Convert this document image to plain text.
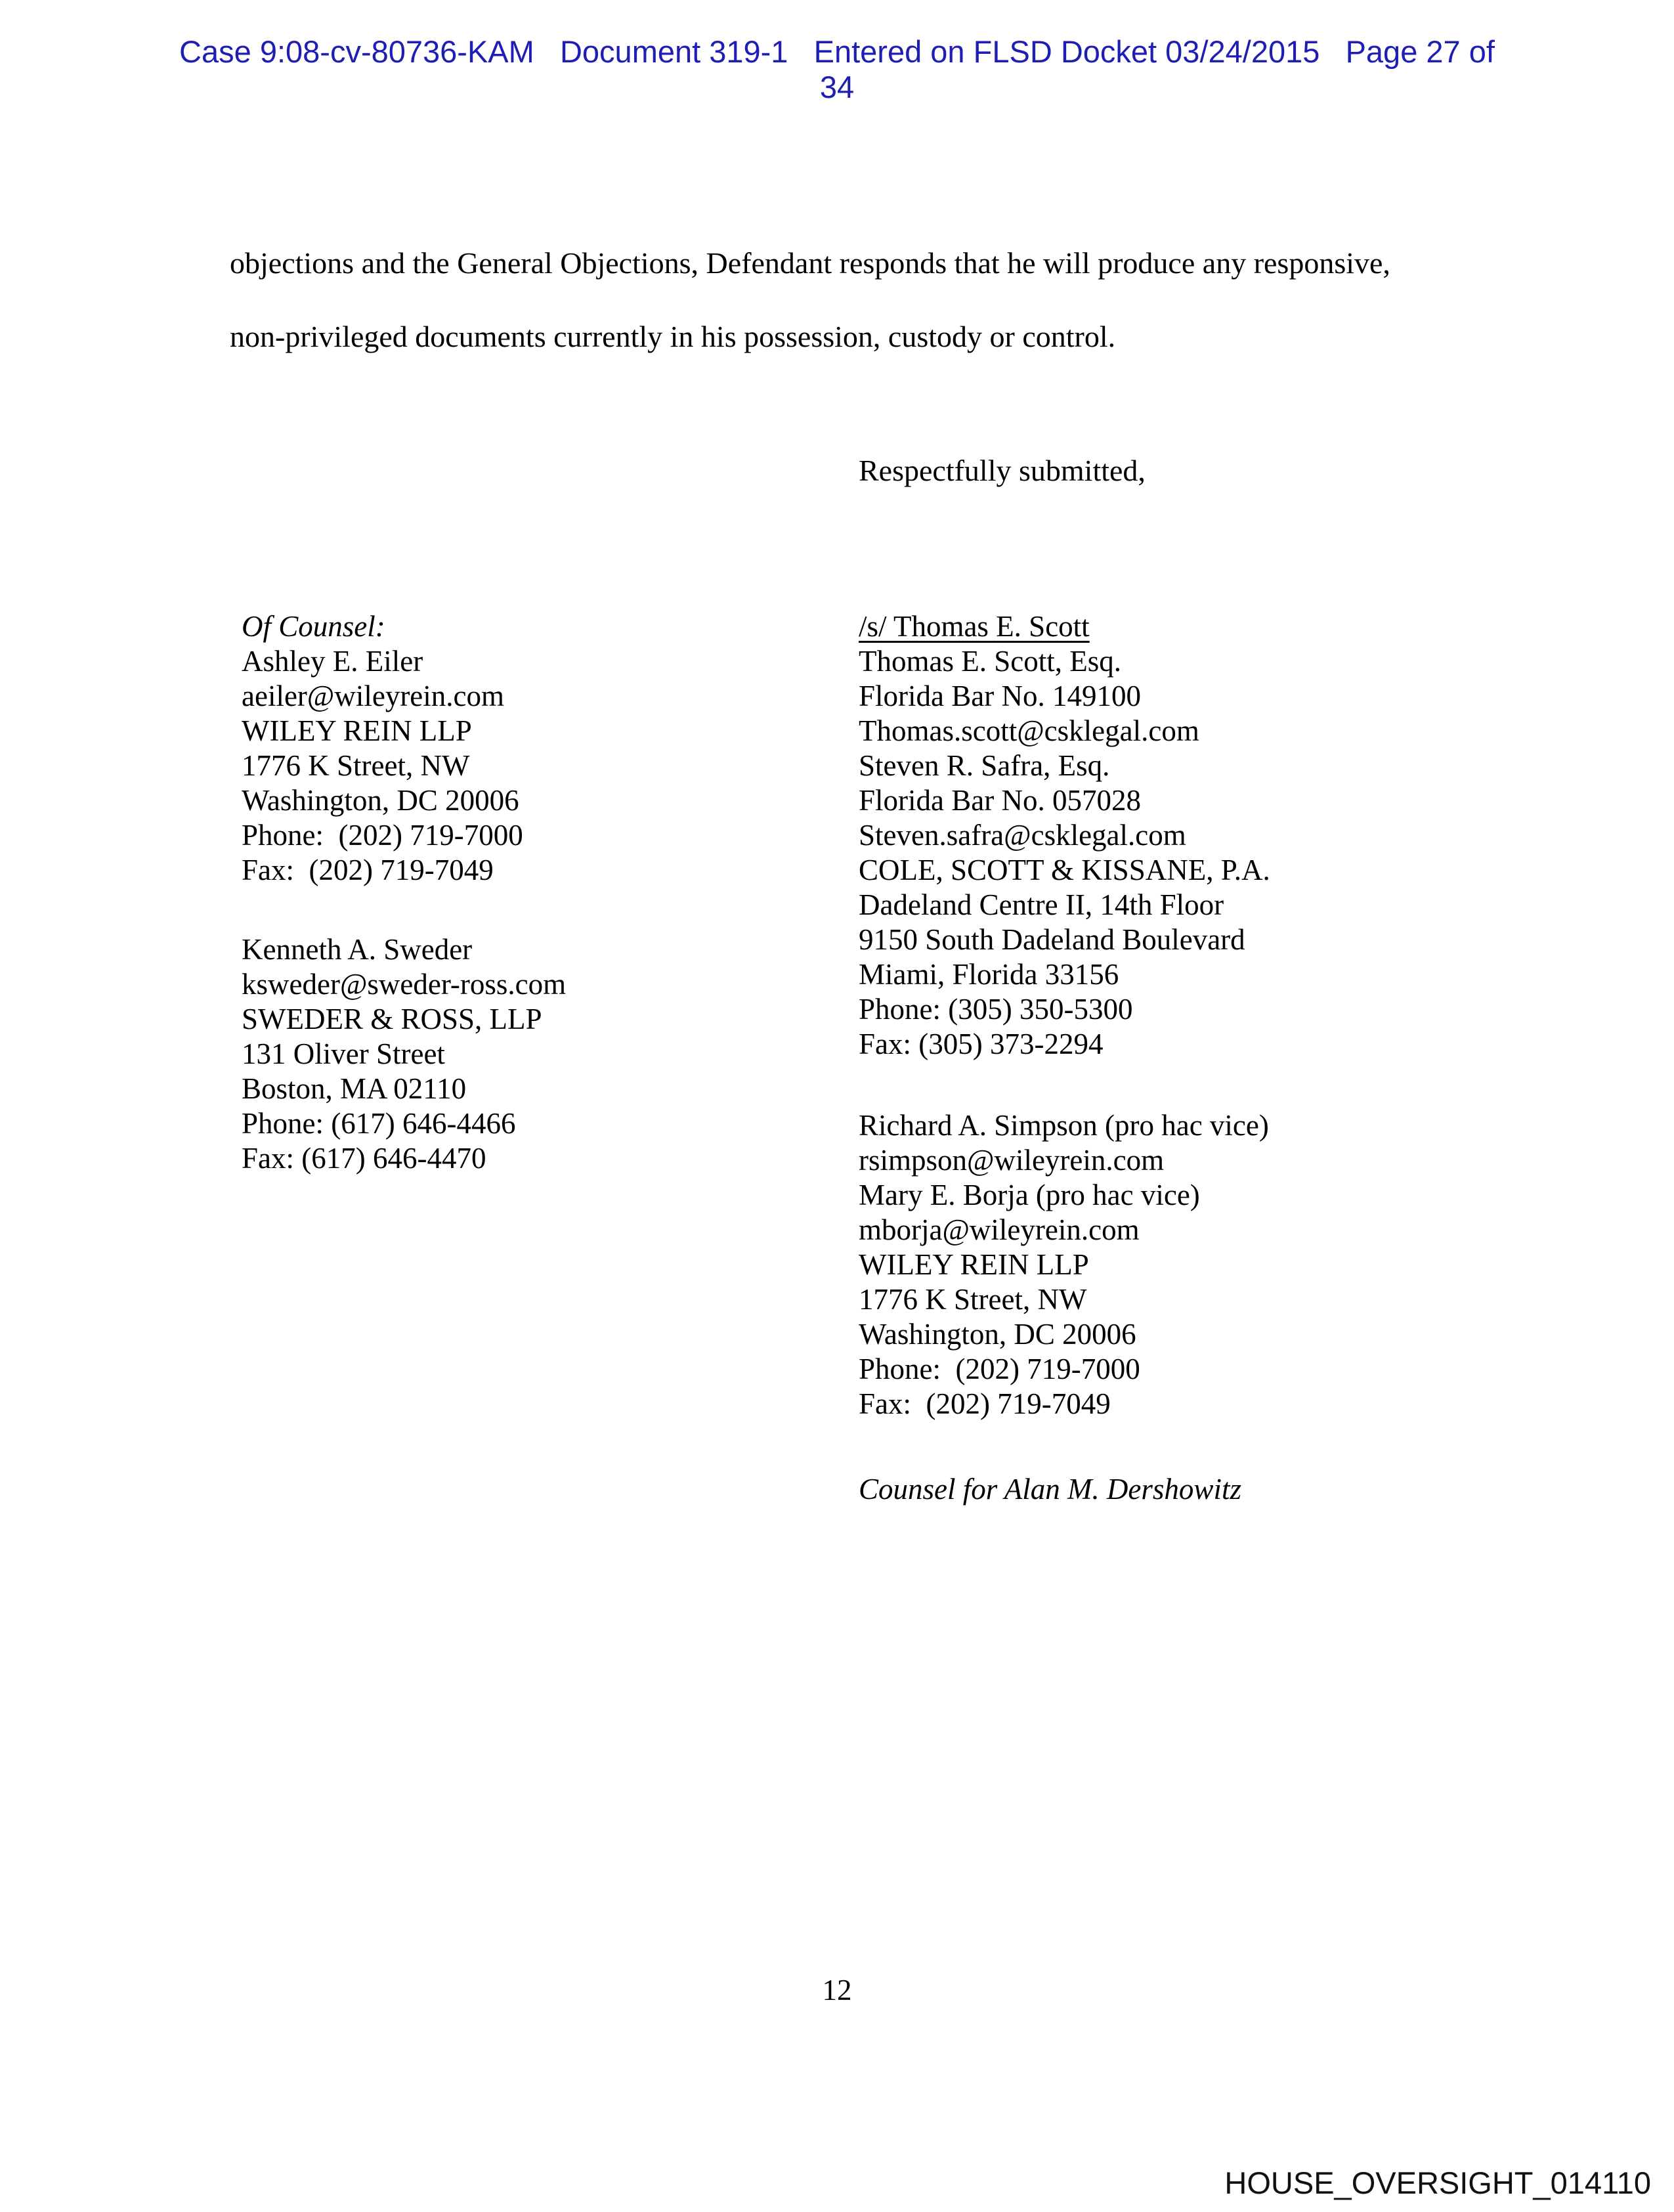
Case 9:08-cv-80736-KAM   Document 319-1   Entered on FLSD Docket 03/24/2015   Page 27 of
34
objections and the General Objections, Defendant responds that he will produce any responsive,
non-privileged documents currently in his possession, custody or control.
Respectfully submitted,
Of Counsel:
Ashley E. Eiler
aeiler@wileyrein.com
WILEY REIN LLP
1776 K Street, NW
Washington, DC 20006
Phone:  (202) 719-7000
Fax:  (202) 719-7049
Kenneth A. Sweder
ksweder@sweder-ross.com
SWEDER & ROSS, LLP
131 Oliver Street
Boston, MA 02110
Phone: (617) 646-4466
Fax: (617) 646-4470
/s/ Thomas E. Scott
Thomas E. Scott, Esq.
Florida Bar No. 149100
Thomas.scott@csklegal.com
Steven R. Safra, Esq.
Florida Bar No. 057028
Steven.safra@csklegal.com
COLE, SCOTT & KISSANE, P.A.
Dadeland Centre II, 14th Floor
9150 South Dadeland Boulevard
Miami, Florida 33156
Phone: (305) 350-5300
Fax: (305) 373-2294
Richard A. Simpson (pro hac vice)
rsimpson@wileyrein.com
Mary E. Borja (pro hac vice)
mborja@wileyrein.com
WILEY REIN LLP
1776 K Street, NW
Washington, DC 20006
Phone:  (202) 719-7000
Fax:  (202) 719-7049
Counsel for Alan M. Dershowitz
12
HOUSE_OVERSIGHT_014110
